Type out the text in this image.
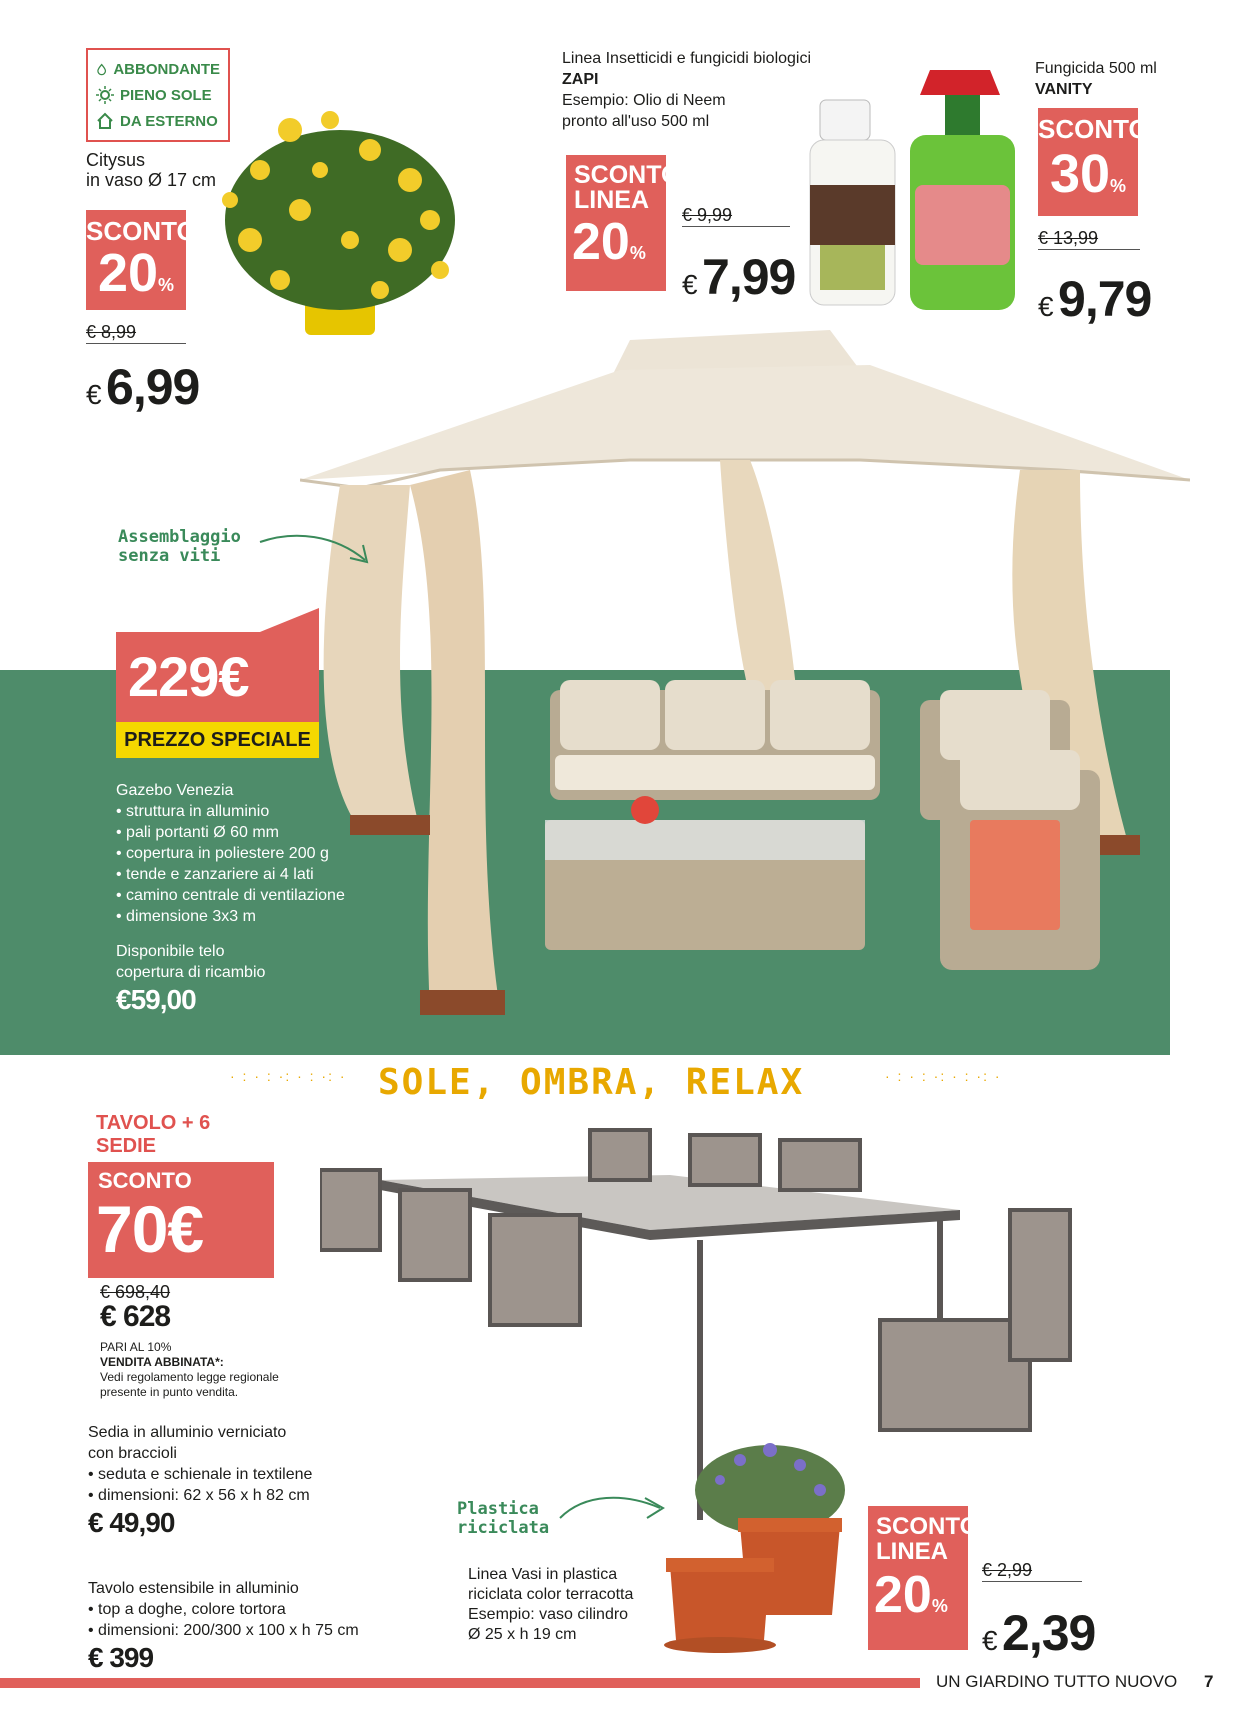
ABBONDANTE
PIENO SOLE
DA ESTERNO
Citysus
in vaso Ø 17 cm
SCONTO
20%
€ 8,99
€ 6,99
Linea Insetticidi e fungicidi biologici
ZAPI
Esempio: Olio di Neem
pronto all'uso 500 ml
SCONTO LINEA
20%
€ 9,99
€ 7,99
Fungicida 500 ml
VANITY
SCONTO
30%
€ 13,99
€ 9,79
Assemblaggio
senza viti
229€
PREZZO SPECIALE
Gazebo Venezia
• struttura in alluminio
• pali portanti Ø 60 mm
• copertura in poliestere 200 g
• tende e zanzariere ai 4 lati
• camino centrale di ventilazione
• dimensione 3x3 m
Disponibile telo
copertura di ricambio
€59,00
· : · : ·: · : ·: · SOLE, OMBRA, RELAX	· : · : ·: · : ·: ·
TAVOLO + 6 SEDIE
SCONTO
70€
€ 698,40
€ 628
PARI AL 10%
VENDITA ABBINATA*:
Vedi regolamento legge regionale
presente in punto vendita.
Sedia in alluminio verniciato
con braccioli
• seduta e schienale in textilene
• dimensioni: 62 x 56 x h 82 cm
€ 49,90
Tavolo estensibile in alluminio
• top a doghe, colore tortora
• dimensioni: 200/300 x 100 x h 75 cm
€ 399
Plastica
riciclata
Linea Vasi in plastica
riciclata color terracotta
Esempio: vaso cilindro
Ø 25 x h 19 cm
SCONTO LINEA
20%
€ 2,99
€ 2,39
UN GIARDINO TUTTO NUOVO 7
